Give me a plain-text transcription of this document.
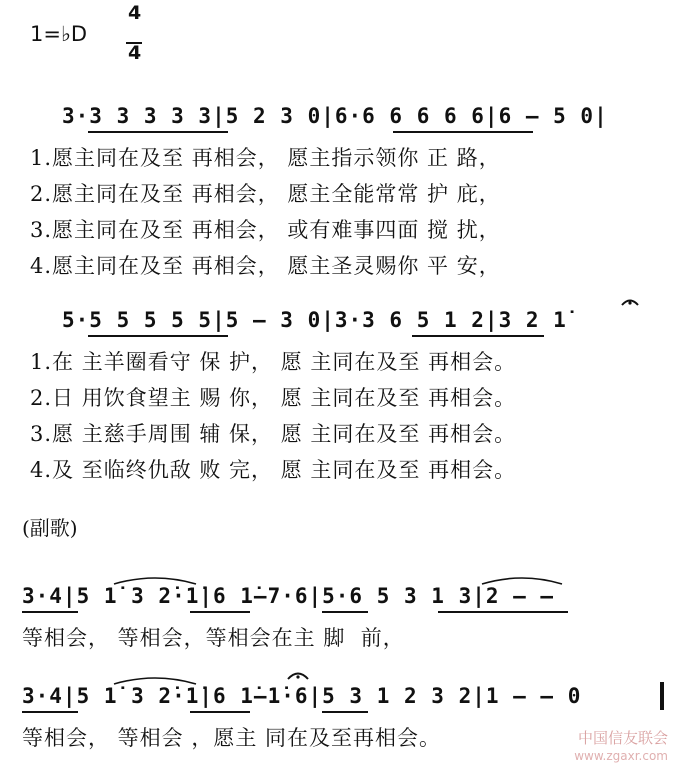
1=♭D
4
4
3·3 3 3 3 3|5 2 3 0|6·6 6 6 6 6|6 – 5 0|
1.愿主同在及至 再相会， 愿主指示领你 正 路，
2.愿主同在及至 再相会， 愿主全能常常 护 庇，
3.愿主同在及至 再相会， 或有难事四面 搅 扰，
4.愿主同在及至 再相会， 愿主圣灵赐你 平 安，
5·5 5 5 5 5|5 – 3 0|3·3 6 5 1 2|3 2 1̇
1.在 主羊圈看守 保 护， 愿 主同在及至 再相会。
2.日 用饮食望主 赐 你， 愿 主同在及至 再相会。
3.愿 主慈手周围 辅 保， 愿 主同在及至 再相会。
4.及 至临终仇敌 败 完， 愿 主同在及至 再相会。
(副歌)
3·4|5 1̇ 3 2̇·1̇|6 1̇–7·6|5·6 5 3 1 3|2 – –
等相会， 等相会，等相会在主 脚  前，
3·4|5 1̇ 3 2̇·1̇|6 1̇–1̇·6|5 3 1 2 3 2|1 – – 0
等相会， 等相会 ，愿主 同在及至再相会。	中国信友联会
www.zgaxr.com
